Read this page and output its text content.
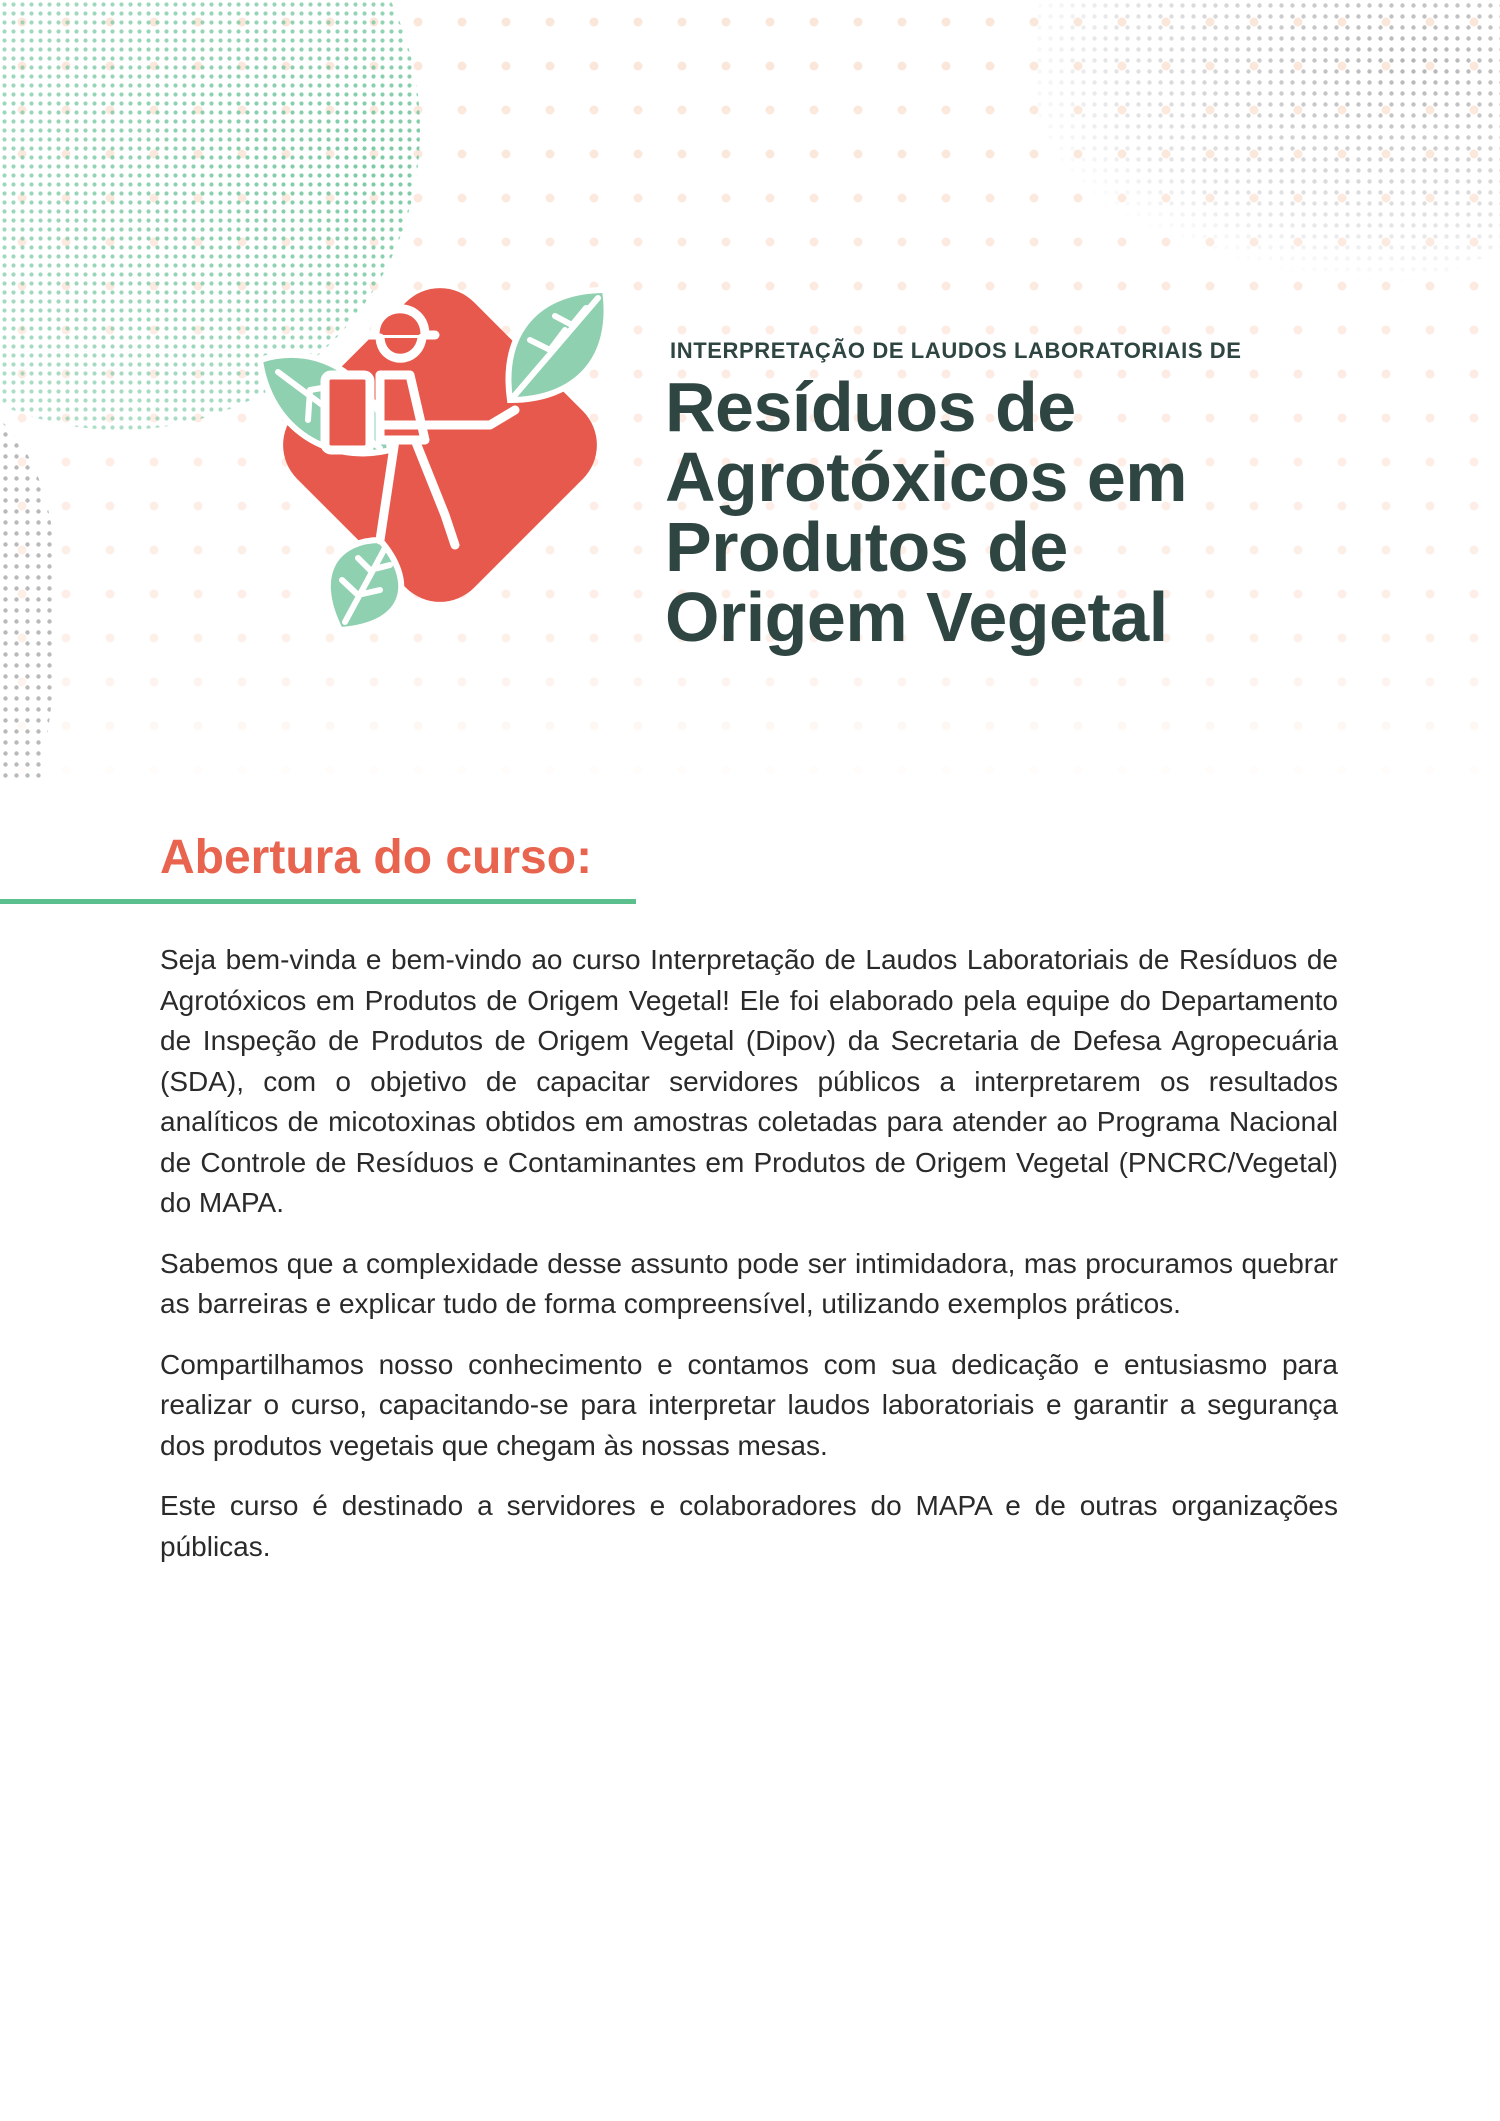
INTERPRETAÇÃO DE LAUDOS LABORATORIAIS DE
Resíduos de
Agrotóxicos em
Produtos de
Origem Vegetal
Abertura do curso:

Seja bem-vinda e bem-vindo ao curso Interpretação de Laudos Laboratoriais de Resíduos de Agrotóxicos em Produtos de Origem Vegetal! Ele foi elaborado pela equipe do Departamento de Inspeção de Produtos de Origem Vegetal (Dipov) da Secretaria de Defesa Agropecuária (SDA), com o objetivo de capacitar servidores públicos a interpretarem os resultados analíticos de micotoxinas obtidos em amostras coletadas para atender ao Programa Nacional de Controle de Resíduos e Contaminantes em Produtos de Origem Vegetal (PNCRC/Vegetal) do MAPA.

Sabemos que a complexidade desse assunto pode ser intimidadora, mas procuramos quebrar as barreiras e explicar tudo de forma compreensível, utilizando exemplos práticos.

Compartilhamos nosso conhecimento e contamos com sua dedicação e entusiasmo para realizar o curso, capacitando-se para interpretar laudos laboratoriais e garantir a segurança dos produtos vegetais que chegam às nossas mesas.

Este curso é destinado a servidores e colaboradores do MAPA e de outras organizações públicas.
